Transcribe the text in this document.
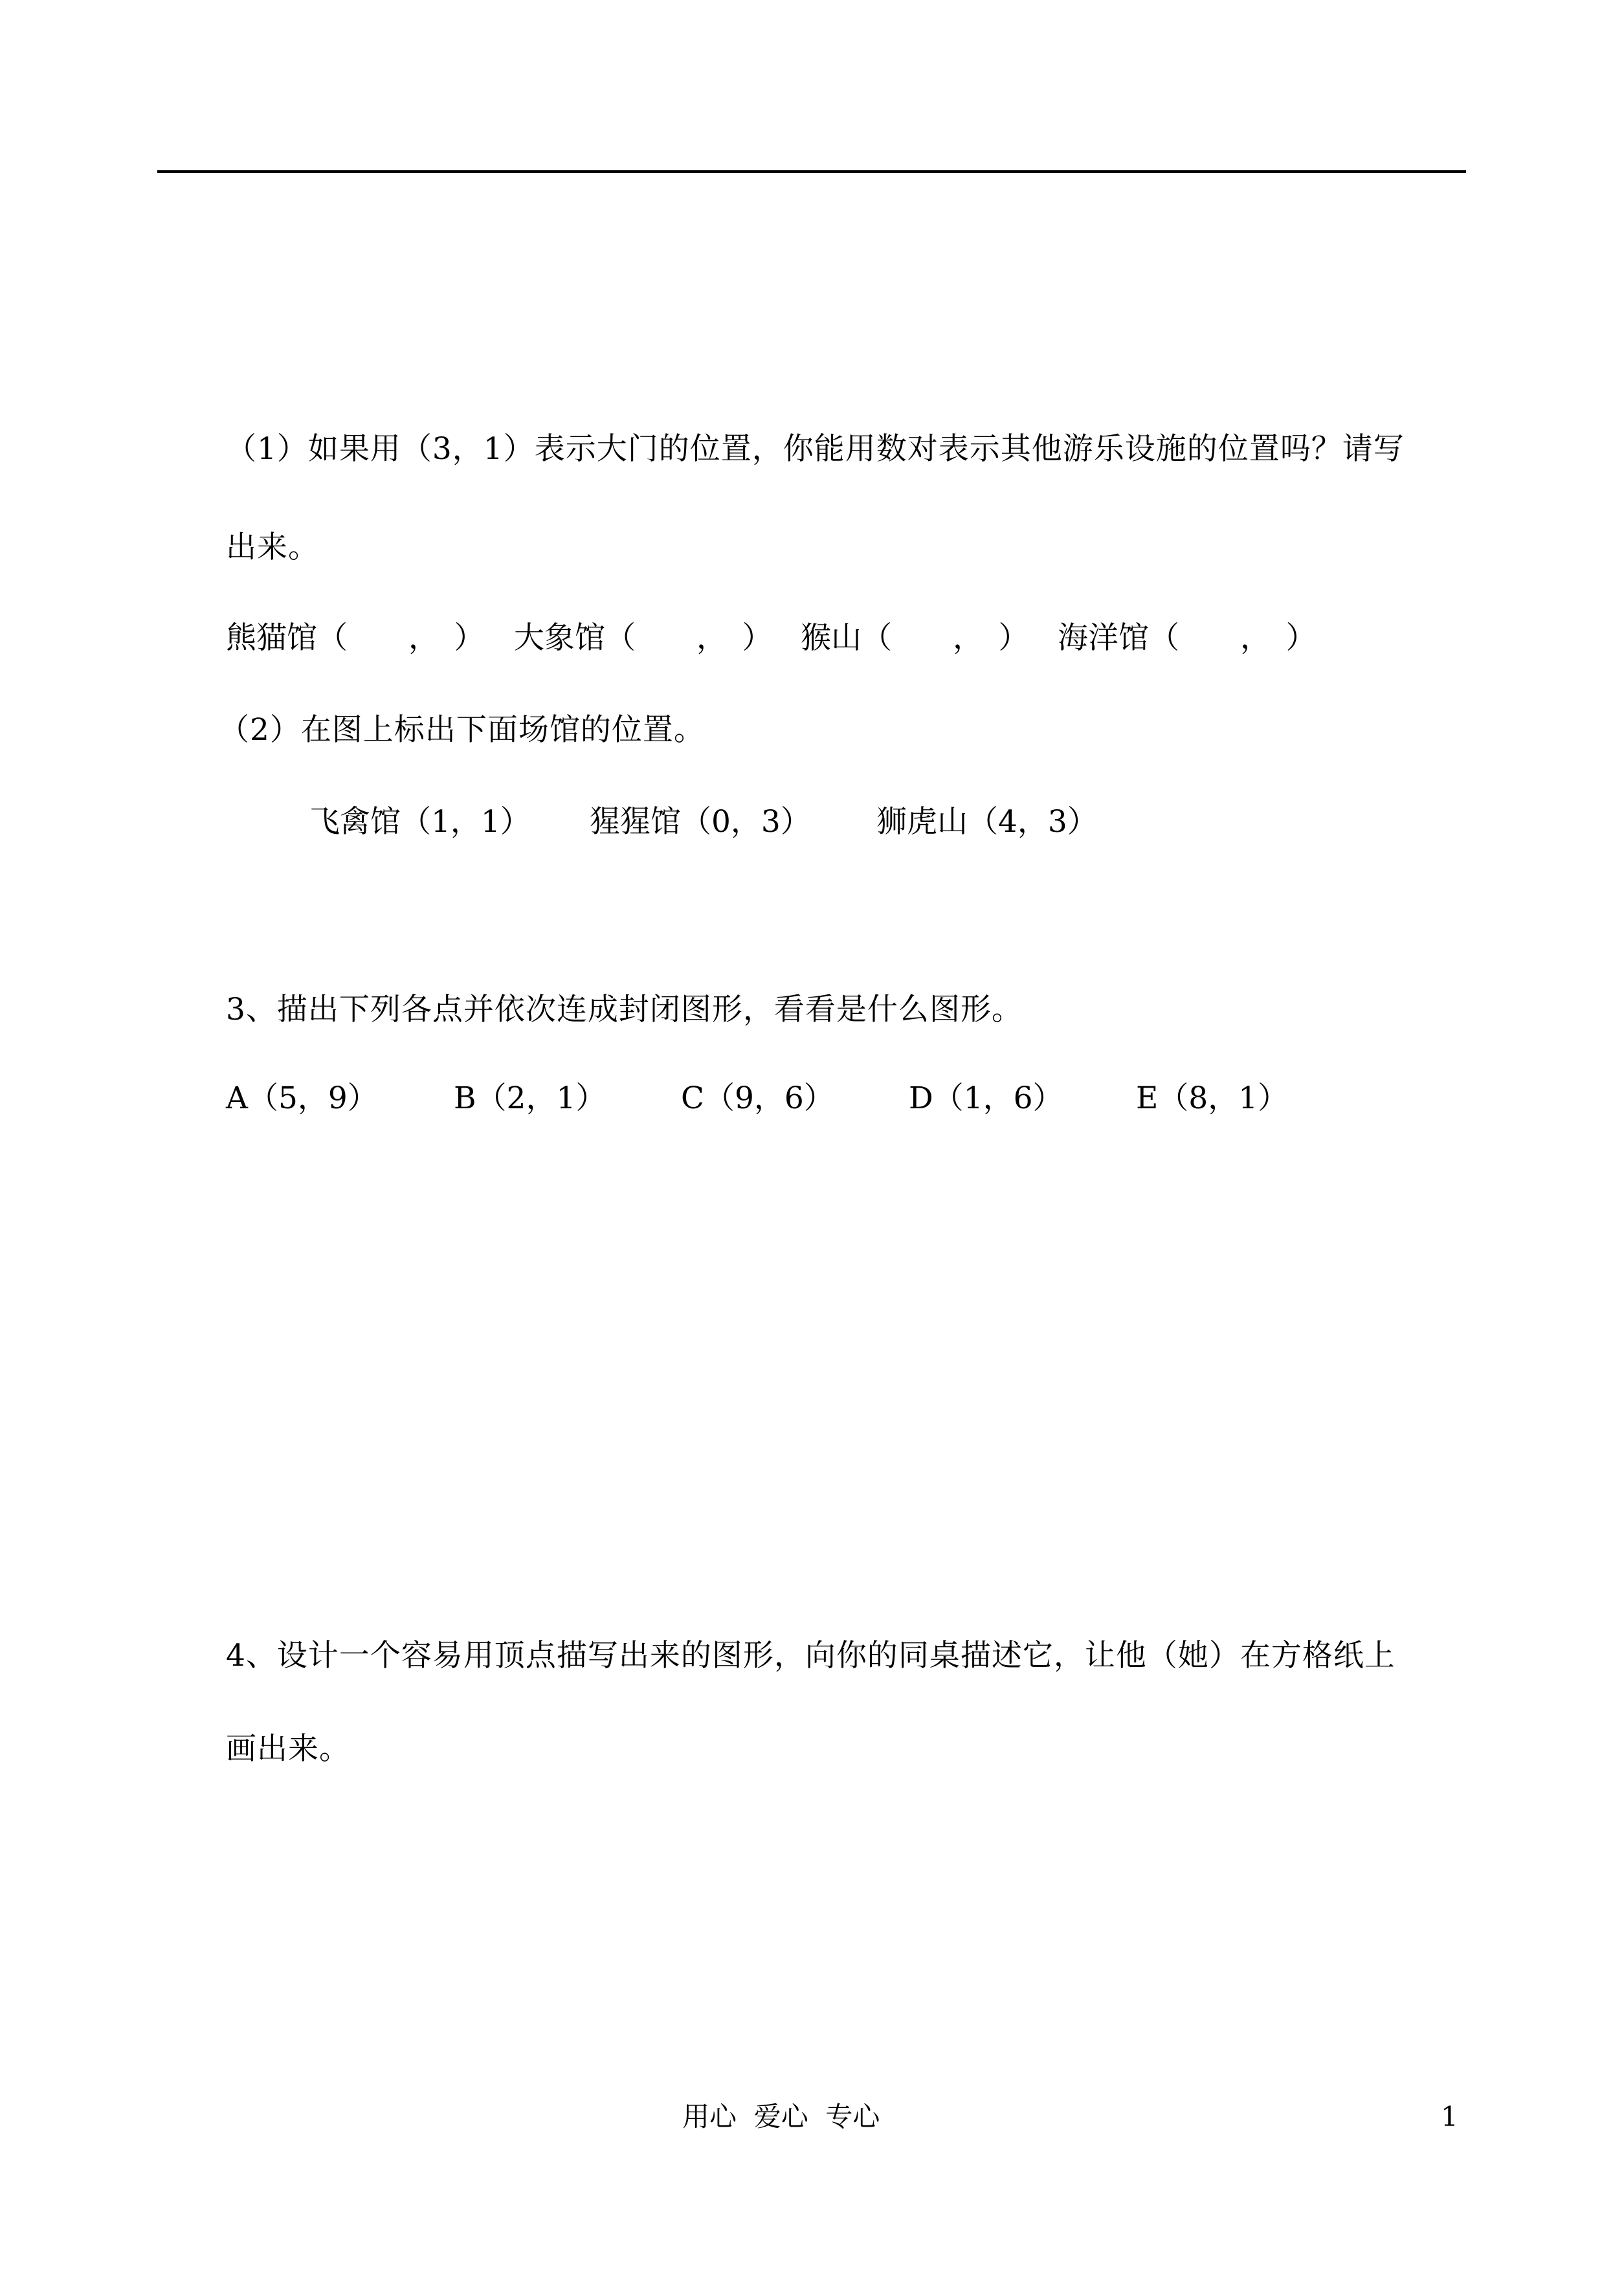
（1）如果用（3，1）表示大门的位置，你能用数对表示其他游乐设施的位置吗？请写
出来。
熊猫馆（　　，　） 大象馆（　　，　） 猴山（　　，　） 海洋馆（　　，　）
（2）在图上标出下面场馆的位置。
飞禽馆（1，1） 猩猩馆（0，3） 狮虎山（4，3）
3、描出下列各点并依次连成封闭图形，看看是什么图形。
A（5，9） B（2，1） C（9，6） D（1，6） E（8，1）
4、设计一个容易用顶点描写出来的图形，向你的同桌描述它，让他（她）在方格纸上
画出来。
用心  爱心  专心	1
